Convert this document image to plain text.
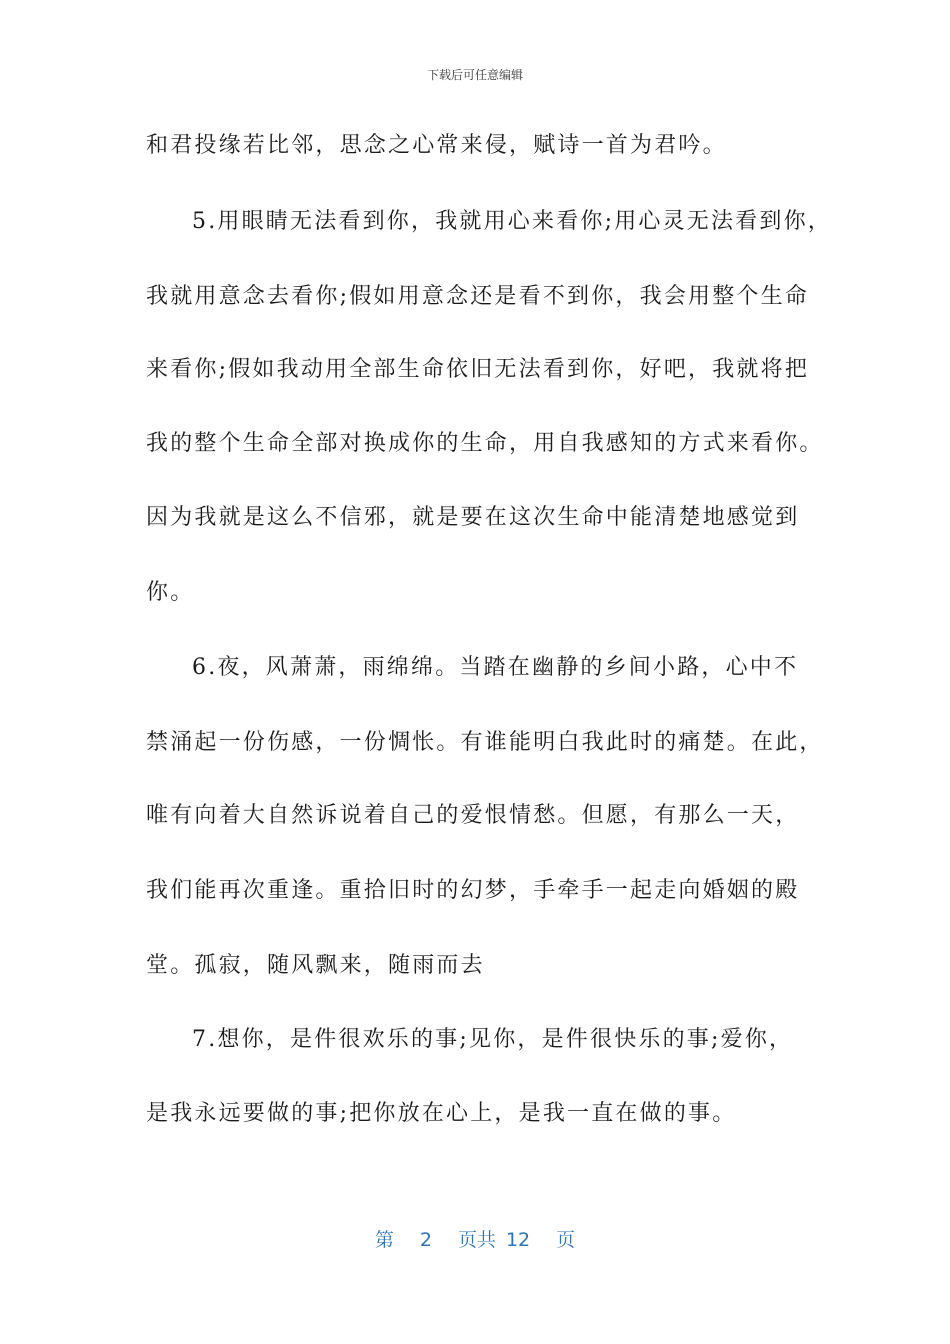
下载后可任意编辑
和君投缘若比邻，思念之心常来侵，赋诗一首为君吟。
5.用眼睛无法看到你，我就用心来看你;用心灵无法看到你，
我就用意念去看你;假如用意念还是看不到你，我会用整个生命
来看你;假如我动用全部生命依旧无法看到你，好吧，我就将把
我的整个生命全部对换成你的生命，用自我感知的方式来看你。
因为我就是这么不信邪，就是要在这次生命中能清楚地感觉到
你。
6.夜，风萧萧，雨绵绵。当踏在幽静的乡间小路，心中不
禁涌起一份伤感，一份惆怅。有谁能明白我此时的痛楚。在此，
唯有向着大自然诉说着自己的爱恨情愁。但愿，有那么一天，
我们能再次重逢。重拾旧时的幻梦，手牵手一起走向婚姻的殿
堂。孤寂，随风飘来，随雨而去
7.想你，是件很欢乐的事;见你，是件很快乐的事;爱你，
是我永远要做的事;把你放在心上，是我一直在做的事。
第 2 页共 12 页
